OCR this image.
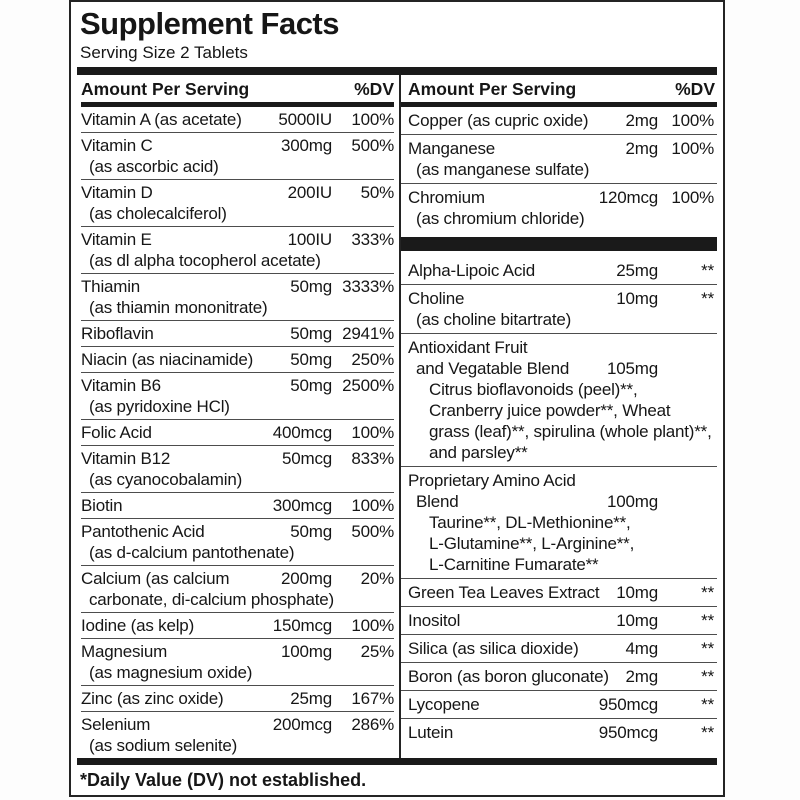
Supplement Facts
Serving Size 2 Tablets
Amount Per Serving	%DV
Vitamin A (as acetate)	5000IU	100%
Vitamin C	300mg	500%
(as ascorbic acid)
Vitamin D	200IU	50%
(as cholecalciferol)
Vitamin E	100IU	333%
(as dl alpha tocopherol acetate)
Thiamin	50mg 3333%
(as thiamin mononitrate)
Riboflavin	50mg 2941%
Niacin (as niacinamide)	50mg	250%
Vitamin B6	50mg 2500%
(as pyridoxine HCl)
Folic Acid	400mcg	100%
Vitamin B12	50mcg	833%
(as cyanocobalamin)
Biotin	300mcg	100%
Pantothenic Acid	50mg	500%
(as d-calcium pantothenate)
Calcium (as calcium	200mg	20%
carbonate, di-calcium phosphate)
Iodine (as kelp)	150mcg	100%
Magnesium	100mg	25%
(as magnesium oxide)
Zinc (as zinc oxide)	25mg	167%
Selenium	200mcg	286%
(as sodium selenite)
Amount Per Serving	%DV
Copper (as cupric oxide)	2mg 100%
Manganese	2mg 100%
(as manganese sulfate)
Chromium	120mcg 100%
(as chromium chloride)
Alpha-Lipoic Acid	25mg	**
Choline	10mg	**
(as choline bitartrate)
Antioxidant Fruit
and Vegatable Blend	105mg
Citrus bioflavonoids (peel)**,
Cranberry juice powder**, Wheat
grass (leaf)**, spirulina (whole plant)**,
and parsley**
Proprietary Amino Acid
Blend	100mg
Taurine**, DL-Methionine**,
L-Glutamine**, L-Arginine**,
L-Carnitine Fumarate**
Green Tea Leaves Extract 10mg	**
Inositol	10mg	**
Silica (as silica dioxide)	4mg	**
Boron (as boron gluconate) 2mg	**
Lycopene	950mcg	**
Lutein	950mcg	**
*Daily Value (DV) not established.
